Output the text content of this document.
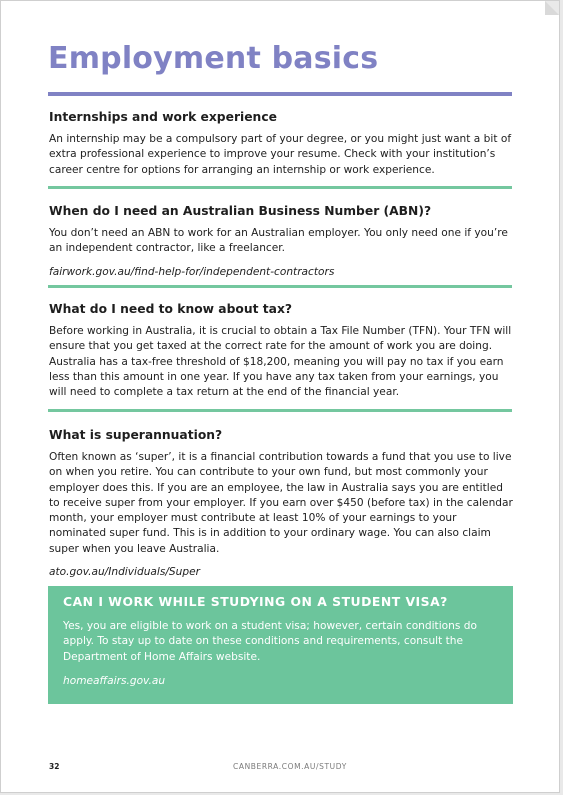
Employment basics
Internships and work experience

An internship may be a compulsory part of your degree, or you might just want a bit of extra professional experience to improve your resume. Check with your institution’s career centre for options for arranging an internship or work experience.

When do I need an Australian Business Number (ABN)?

You don’t need an ABN to work for an Australian employer. You only need one if you’re an independent contractor, like a freelancer.

fairwork.gov.au/find-help-for/independent-contractors
What do I need to know about tax?

Before working in Australia, it is crucial to obtain a Tax File Number (TFN). Your TFN will ensure that you get taxed at the correct rate for the amount of work you are doing. Australia has a tax-free threshold of $18,200, meaning you will pay no tax if you earn less than this amount in one year. If you have any tax taken from your earnings, you will need to complete a tax return at the end of the financial year.

What is superannuation?

Often known as ‘super’, it is a financial contribution towards a fund that you use to live on when you retire. You can contribute to your own fund, but most commonly your employer does this. If you are an employee, the law in Australia says you are entitled to receive super from your employer. If you earn over $450 (before tax) in the calendar month, your employer must contribute at least 10% of your earnings to your nominated super fund. This is in addition to your ordinary wage. You can also claim super when you leave Australia.

ato.gov.au/Individuals/Super
CAN I WORK WHILE STUDYING ON A STUDENT VISA?

Yes, you are eligible to work on a student visa; however, certain conditions do apply. To stay up to date on these conditions and requirements, consult the Department of Home Affairs website.

homeaffairs.gov.au
32	CANBERRA.COM.AU/STUDY
